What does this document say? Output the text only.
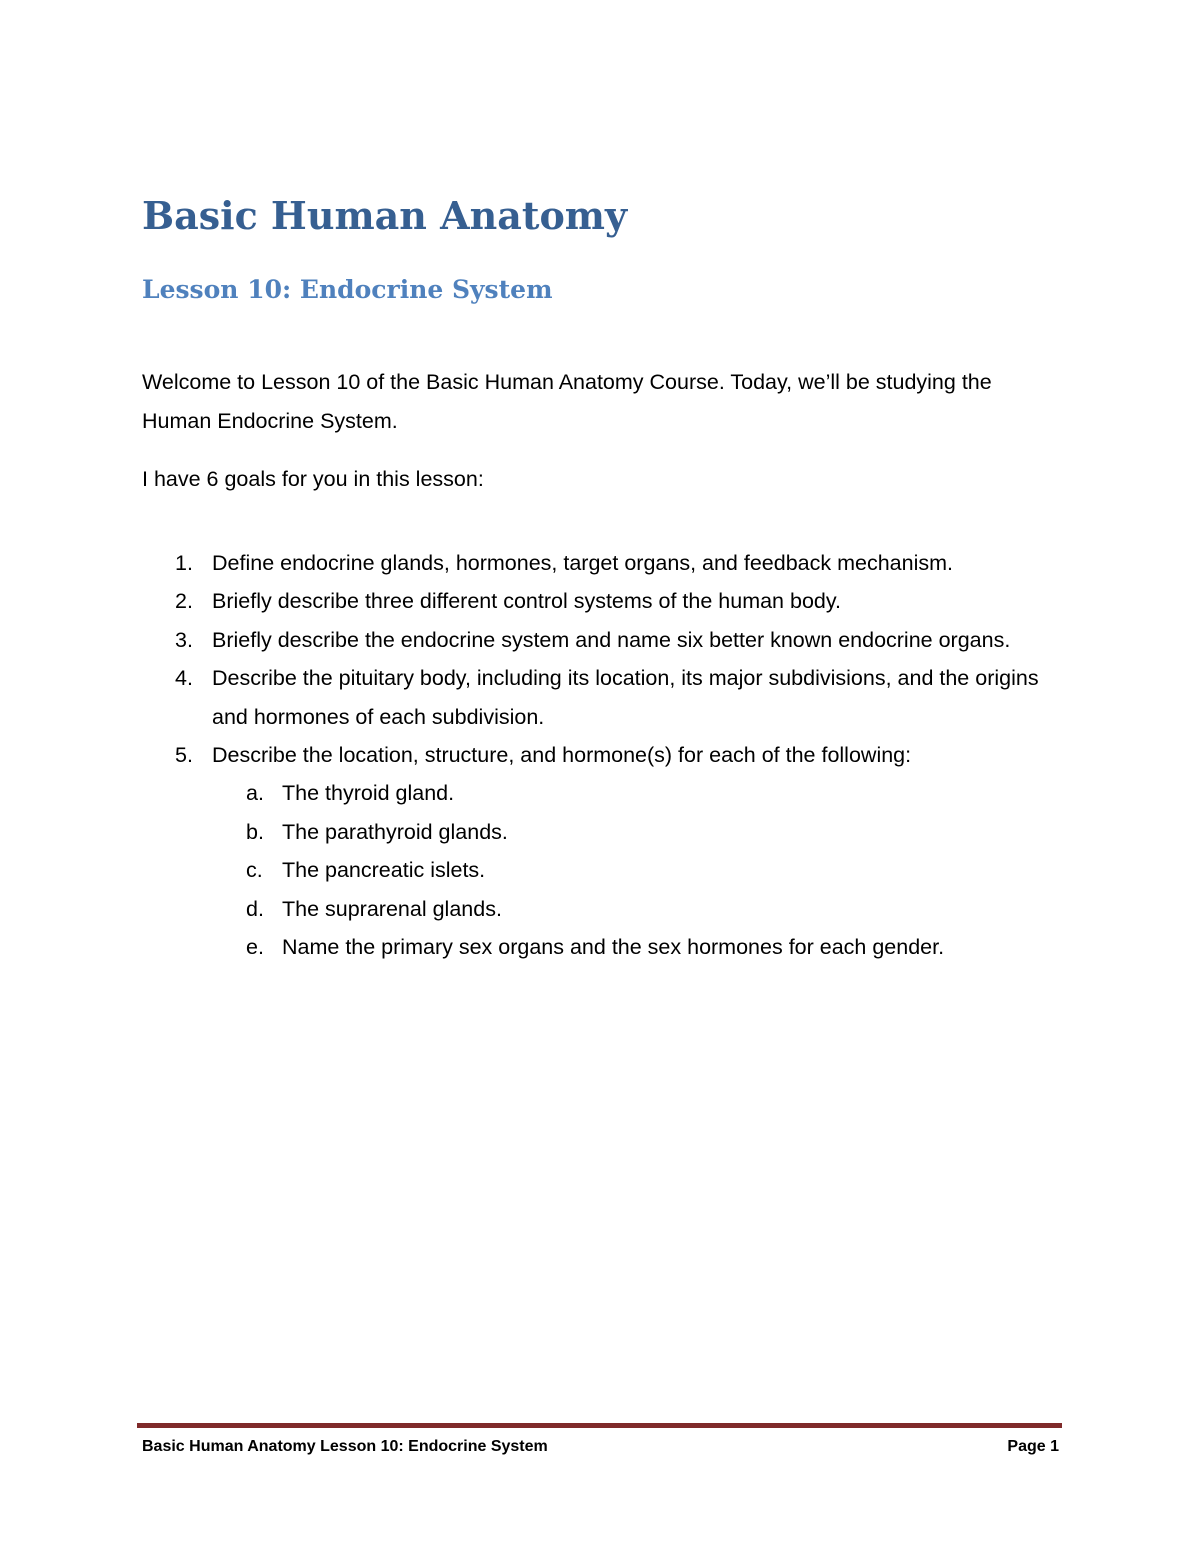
Basic Human Anatomy
Lesson 10: Endocrine System

Welcome to Lesson 10 of the Basic Human Anatomy Course. Today, we’ll be studying the Human Endocrine System.

I have 6 goals for you in this lesson:

1. Define endocrine glands, hormones, target organs, and feedback mechanism.
2. Briefly describe three different control systems of the human body.
3. Briefly describe the endocrine system and name six better known endocrine organs.
4. Describe the pituitary body, including its location, its major subdivisions, and the origins and hormones of each subdivision.
5. Describe the location, structure, and hormone(s) for each of the following:
a. The thyroid gland.
b. The parathyroid glands.
c. The pancreatic islets.
d. The suprarenal glands.
e. Name the primary sex organs and the sex hormones for each gender.
Basic Human Anatomy Lesson 10: Endocrine System	Page 1
